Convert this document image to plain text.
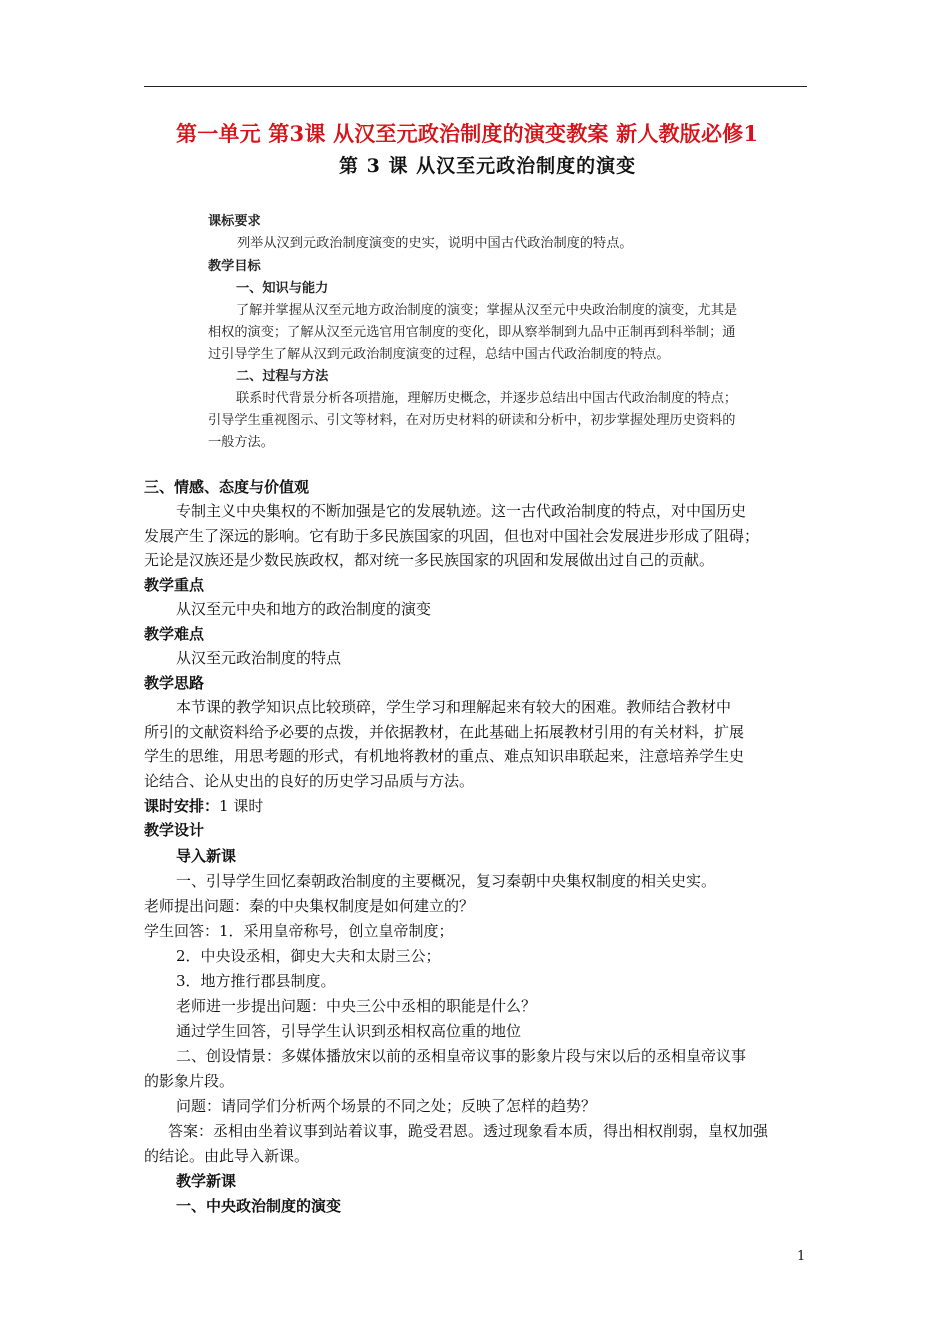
第一单元 第3课 从汉至元政治制度的演变教案 新人教版必修1
第 3 课 从汉至元政治制度的演变
课标要求
列举从汉到元政治制度演变的史实，说明中国古代政治制度的特点。
教学目标
一、知识与能力
了解并掌握从汉至元地方政治制度的演变；掌握从汉至元中央政治制度的演变，尤其是
相权的演变；了解从汉至元选官用官制度的变化，即从察举制到九品中正制再到科举制；通
过引导学生了解从汉到元政治制度演变的过程，总结中国古代政治制度的特点。
二、过程与方法
联系时代背景分析各项措施，理解历史概念，并逐步总结出中国古代政治制度的特点；
引导学生重视图示、引文等材料，在对历史材料的研读和分析中，初步掌握处理历史资料的
一般方法。
三、情感、态度与价值观
专制主义中央集权的不断加强是它的发展轨迹。这一古代政治制度的特点，对中国历史
发展产生了深远的影响。它有助于多民族国家的巩固，但也对中国社会发展进步形成了阻碍；
无论是汉族还是少数民族政权，都对统一多民族国家的巩固和发展做出过自己的贡献。
教学重点
从汉至元中央和地方的政治制度的演变
教学难点
从汉至元政治制度的特点
教学思路
本节课的教学知识点比较琐碎，学生学习和理解起来有较大的困难。教师结合教材中
所引的文献资料给予必要的点拨，并依据教材，在此基础上拓展教材引用的有关材料，扩展
学生的思维，用思考题的形式，有机地将教材的重点、难点知识串联起来，注意培养学生史
论结合、论从史出的良好的历史学习品质与方法。
课时安排：1 课时
教学设计
导入新课
一、引导学生回忆秦朝政治制度的主要概况，复习秦朝中央集权制度的相关史实。
老师提出问题：秦的中央集权制度是如何建立的？
学生回答：1．采用皇帝称号，创立皇帝制度；
2．中央设丞相，御史大夫和太尉三公；
3．地方推行郡县制度。
老师进一步提出问题：中央三公中丞相的职能是什么？
通过学生回答，引导学生认识到丞相权高位重的地位
二、创设情景：多媒体播放宋以前的丞相皇帝议事的影象片段与宋以后的丞相皇帝议事
的影象片段。
问题：请同学们分析两个场景的不同之处；反映了怎样的趋势？
答案：丞相由坐着议事到站着议事，跪受君恩。透过现象看本质，得出相权削弱，皇权加强
的结论。由此导入新课。
教学新课
一、中央政治制度的演变
1
